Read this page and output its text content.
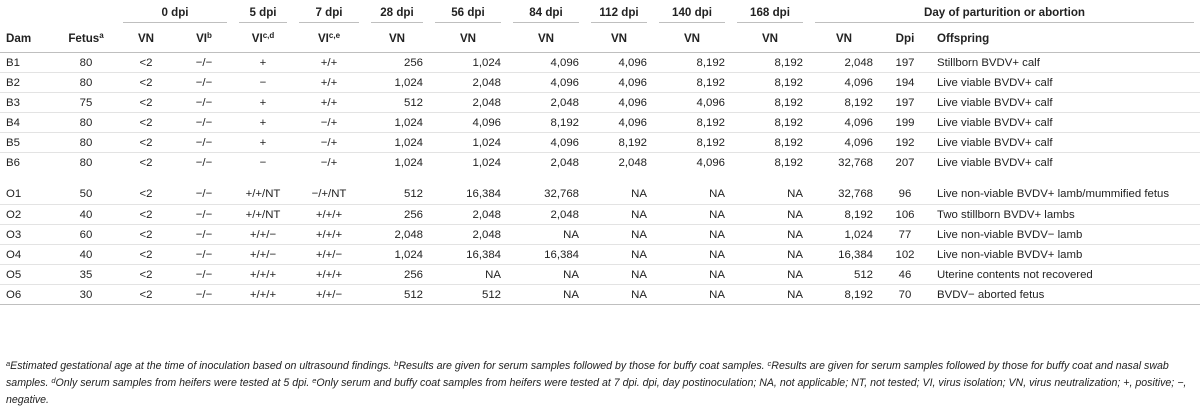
		0 dpi		5 dpi	7 dpi	28 dpi	56 dpi	84 dpi	112 dpi	140 dpi	168 dpi	Day of parturition or abortion		
Dam	Fetus$^a$	VN	$VI^b$	VI$^{c,d}$	VI$^{c,e}$	VN	VN	VN	VN	VN	VN	VN	Dpi	Offspring
B1	80	<2	−/−	+	+/+	256	1,024	4,096	4,096	8,192	8,192	2,048	197	Stillborn BVDV+ calf
B2	80	<2	−/−	−	+/+	1,024	2,048	4,096	4,096	8,192	8,192	4,096	194	Live viable BVDV+ calf
B3	75	<2	−/−	+	+/+	512	2,048	2,048	4,096	4,096	8,192	8,192	197	Live viable BVDV+ calf
B4	80	<2	−/−	+	−/+	1,024	4,096	8,192	4,096	8,192	8,192	4,096	199	Live viable BVDV+ calf
B5	80	<2	−/−	+	−/+	1,024	1,024	4,096	8,192	8,192	8,192	4,096	192	Live viable BVDV+ calf
B6	80	<2	−/−	−	−/+	1,024	1,024	2,048	2,048	4,096	8,192	32,768	207	Live viable BVDV+ calf

O1	50	<2	−/−	+/+/NT	−/+/NT	512	16,384	32,768	NA	NA	NA	32,768	96	Live non-viable BVDV+ lamb/mummified fetus
O2	40	<2	−/−	+/+/NT	+/+/+	256	2,048	2,048	NA	NA	NA	8,192	106	Two stillborn BVDV+ lambs
O3	60	<2	−/−	+/+/−	+/+/+	2,048	2,048	NA	NA	NA	NA	1,024	77	Live non-viable BVDV− lamb
O4	40	<2	−/−	+/+/−	+/+/−	1,024	16,384	16,384	NA	NA	NA	16,384	102	Live non-viable BVDV+ lamb
O5	35	<2	−/−	+/+/+	+/+/+	256	NA	NA	NA	NA	NA	512	46	Uterine contents not recovered
O6	30	<2	−/−	+/+/+	+/+/−	512	512	NA	NA	NA	NA	8,192	70	BVDV− aborted fetus
$^a$Estimated gestational age at the time of inoculation based on ultrasound findings. $^b$Results are given for serum samples followed by those for buffy coat samples. $^c$Results are given for serum samples followed by those for buffy coat and nasal swab samples. $^d$Only serum samples from heifers were tested at 5 dpi. $^e$Only serum and buffy coat samples from heifers were tested at 7 dpi. dpi, day postinoculation; NA, not applicable; NT, not tested; VI, virus isolation; VN, virus neutralization; +, positive; −, negative.
